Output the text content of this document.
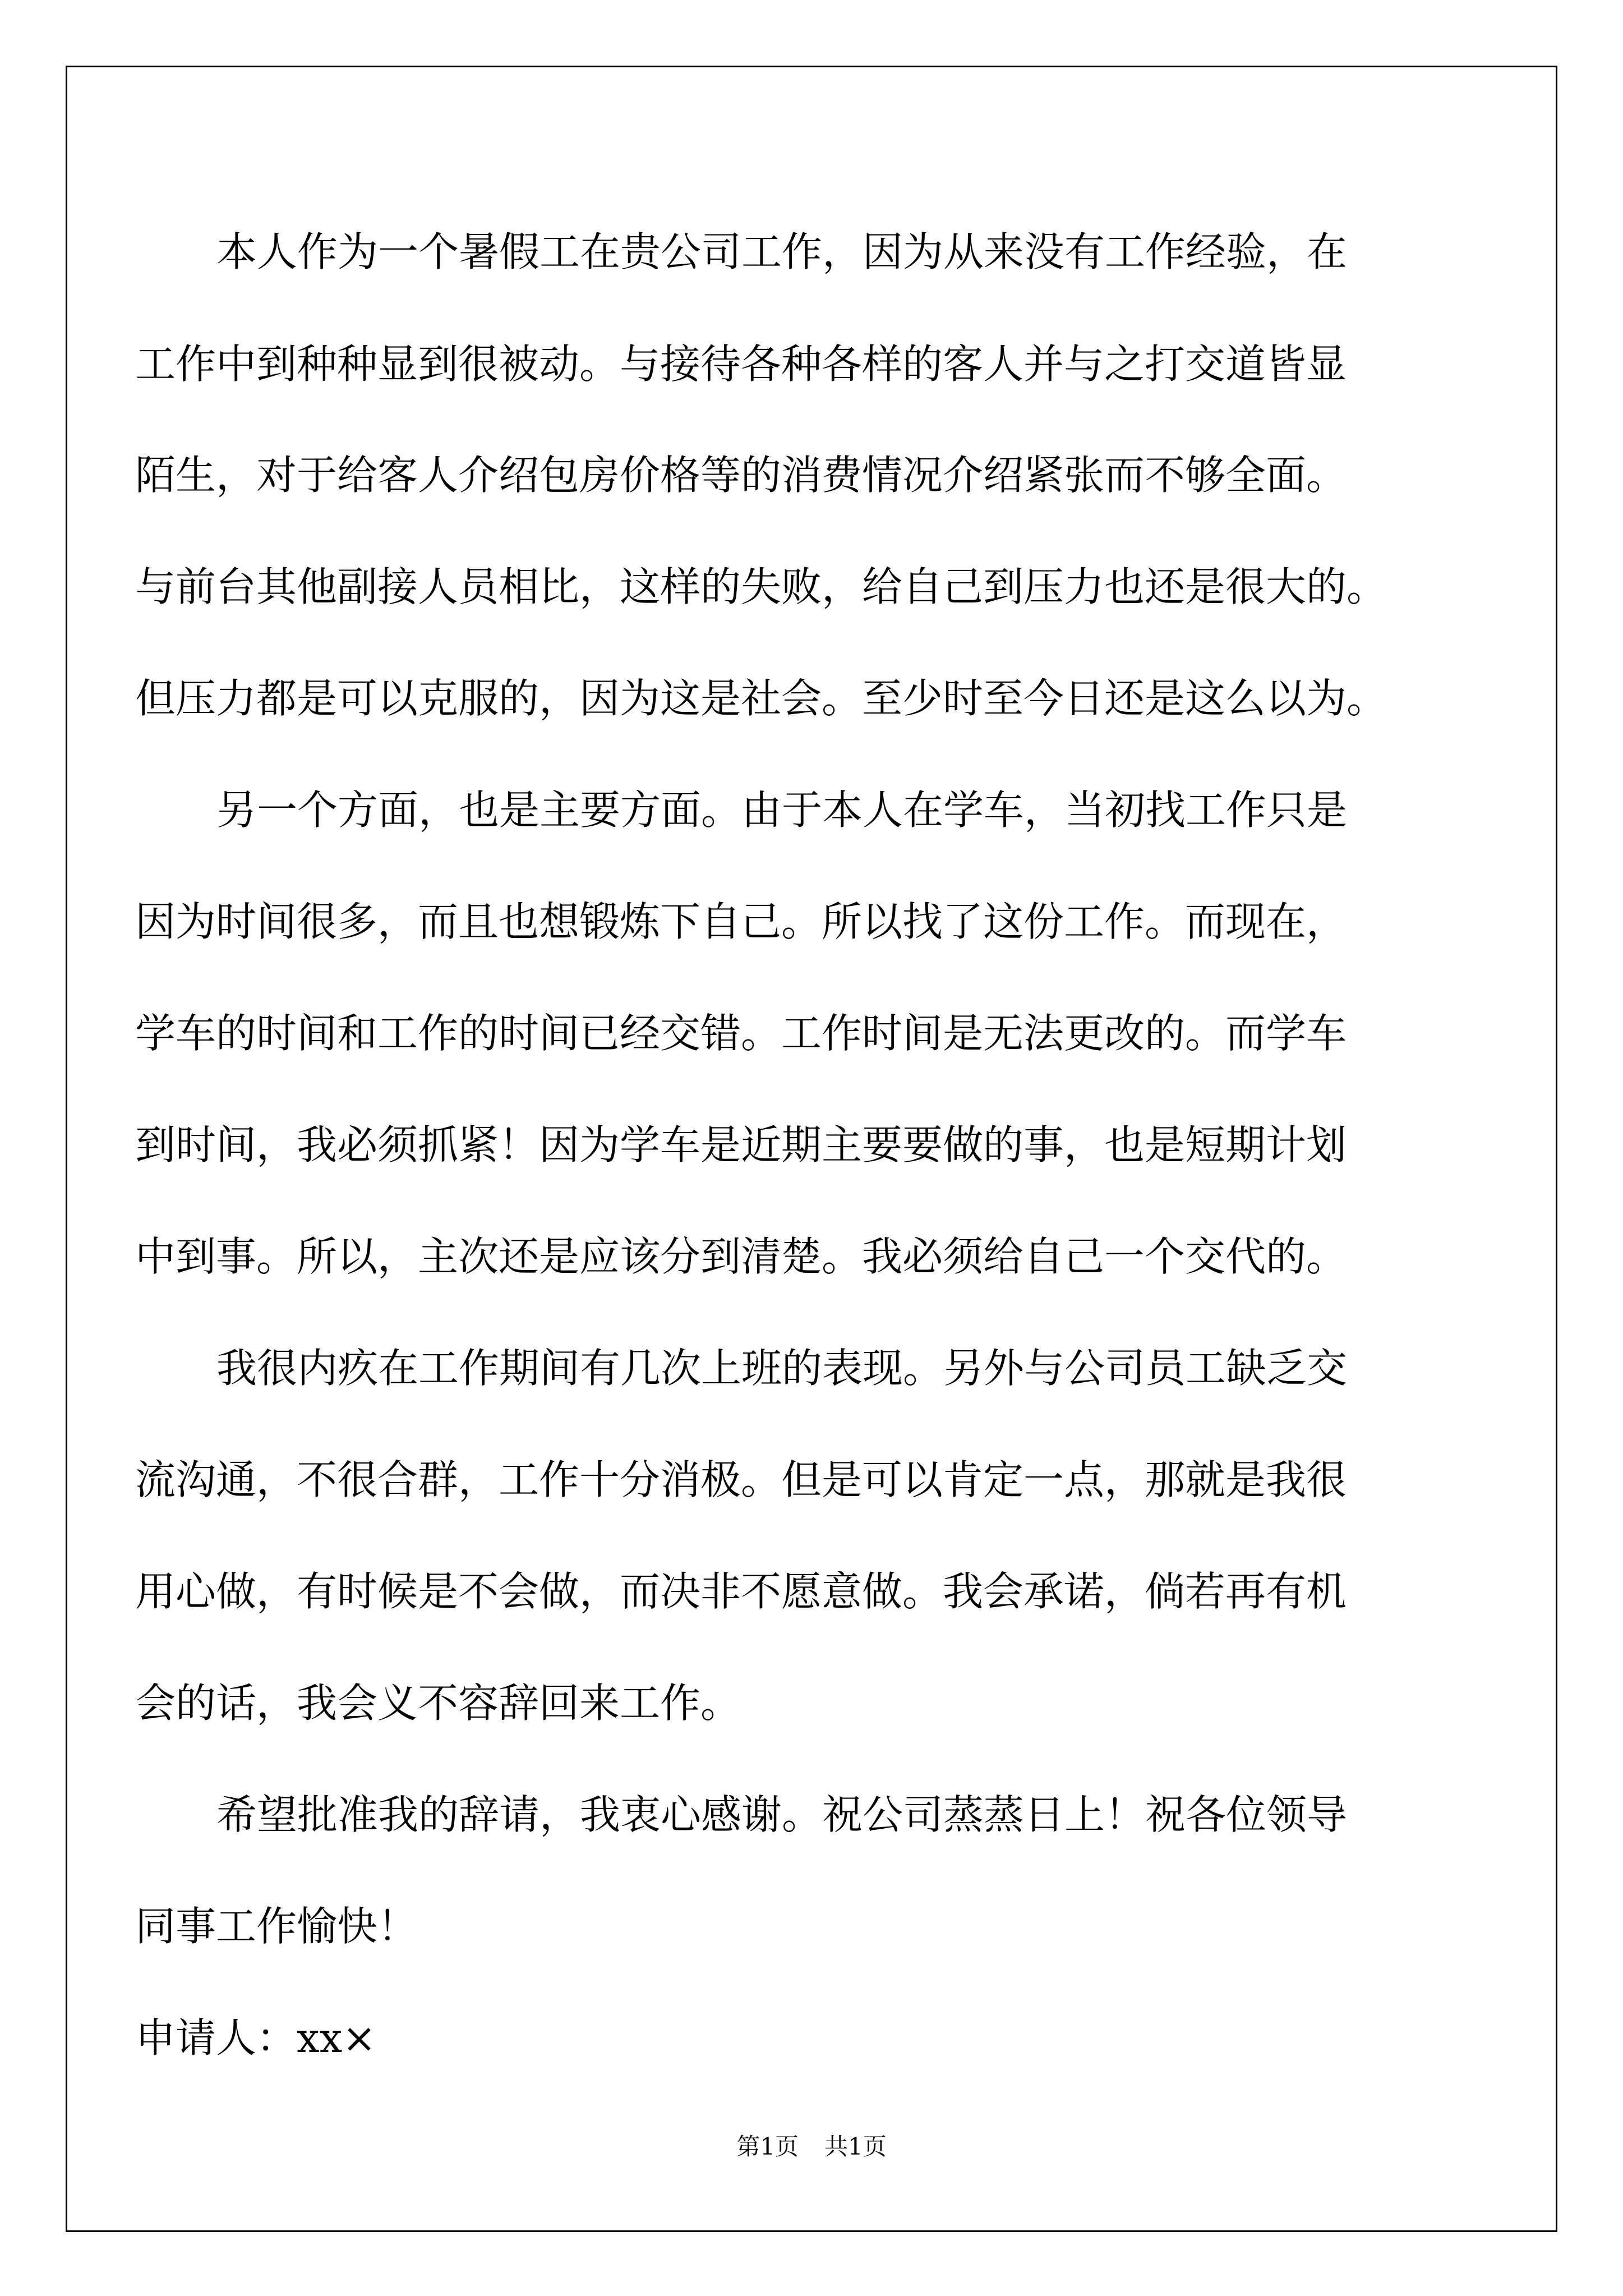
本人作为一个暑假工在贵公司工作，因为从来没有工作经验，在
工作中到种种显到很被动。与接待各种各样的客人并与之打交道皆显
陌生，对于给客人介绍包房价格等的消费情况介绍紧张而不够全面。
与前台其他副接人员相比，这样的失败，给自己到压力也还是很大的。
但压力都是可以克服的，因为这是社会。至少时至今日还是这么以为。
另一个方面，也是主要方面。由于本人在学车，当初找工作只是
因为时间很多，而且也想锻炼下自己。所以找了这份工作。而现在，
学车的时间和工作的时间已经交错。工作时间是无法更改的。而学车
到时间，我必须抓紧！因为学车是近期主要要做的事，也是短期计划
中到事。所以，主次还是应该分到清楚。我必须给自己一个交代的。
我很内疚在工作期间有几次上班的表现。另外与公司员工缺乏交
流沟通，不很合群，工作十分消极。但是可以肯定一点，那就是我很
用心做，有时候是不会做，而决非不愿意做。我会承诺，倘若再有机
会的话，我会义不容辞回来工作。
希望批准我的辞请，我衷心感谢。祝公司蒸蒸日上！祝各位领导
同事工作愉快！
申请人：xx×
第1页 共1页
